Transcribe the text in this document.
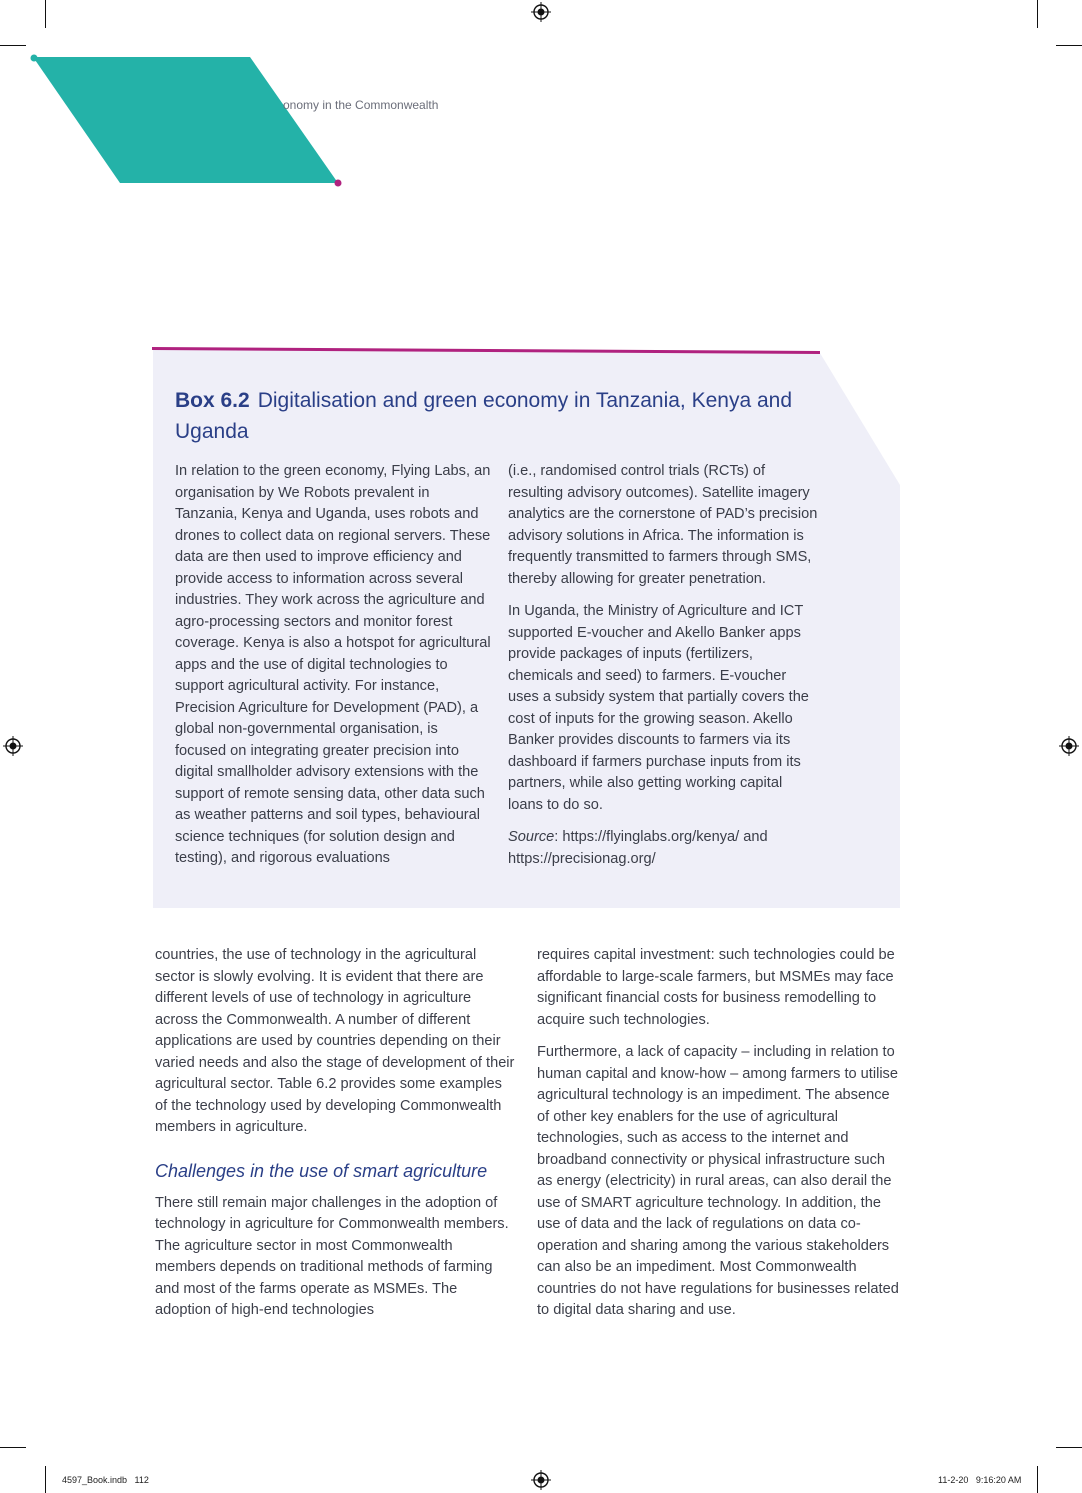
onomy in the Commonwealth
Box 6.2 Digitalisation and green economy in Tanzania, Kenya and Uganda

In relation to the green economy, Flying Labs, an organisation by We Robots prevalent in Tanzania, Kenya and Uganda, uses robots and drones to collect data on regional servers. These data are then used to improve efficiency and provide access to information across several industries. They work across the agriculture and agro-processing sectors and monitor forest coverage. Kenya is also a hotspot for agricultural apps and the use of digital technologies to support agricultural activity. For instance, Precision Agriculture for Development (PAD), a global non-governmental organisation, is focused on integrating greater precision into digital smallholder advisory extensions with the support of remote sensing data, other data such as weather patterns and soil types, behavioural science techniques (for solution design and testing), and rigorous evaluations

(i.e., randomised control trials (RCTs) of resulting advisory outcomes). Satellite imagery analytics are the cornerstone of PAD’s precision advisory solutions in Africa. The information is frequently transmitted to farmers through SMS, thereby allowing for greater penetration.

In Uganda, the Ministry of Agriculture and ICT supported E-voucher and Akello Banker apps provide packages of inputs (fertilizers, chemicals and seed) to farmers. E-voucher uses a subsidy system that partially covers the cost of inputs for the growing season. Akello Banker provides discounts to farmers via its dashboard if farmers purchase inputs from its partners, while also getting working capital loans to do so.

Source: https://flyinglabs.org/kenya/ and https://precisionag.org/

countries, the use of technology in the agricultural sector is slowly evolving. It is evident that there are different levels of use of technology in agriculture across the Commonwealth. A number of different applications are used by countries depending on their varied needs and also the stage of development of their agricultural sector. Table 6.2 provides some examples of the technology used by developing Commonwealth members in agriculture.

Challenges in the use of smart agriculture

There still remain major challenges in the adoption of technology in agriculture for Commonwealth members. The agriculture sector in most Commonwealth members depends on traditional methods of farming and most of the farms operate as MSMEs. The adoption of high-end technologies

requires capital investment: such technologies could be affordable to large-scale farmers, but MSMEs may face significant financial costs for business remodelling to acquire such technologies.

Furthermore, a lack of capacity – including in relation to human capital and know-how – among farmers to utilise agricultural technology is an impediment. The absence of other key enablers for the use of agricultural technologies, such as access to the internet and broadband connectivity or physical infrastructure such as energy (electricity) in rural areas, can also derail the use of SMART agriculture technology. In addition, the use of data and the lack of regulations on data co-operation and sharing among the various stakeholders can also be an impediment. Most Commonwealth countries do not have regulations for businesses related to digital data sharing and use.

4597_Book.indb   112	11-2-20   9:16:20 AM
